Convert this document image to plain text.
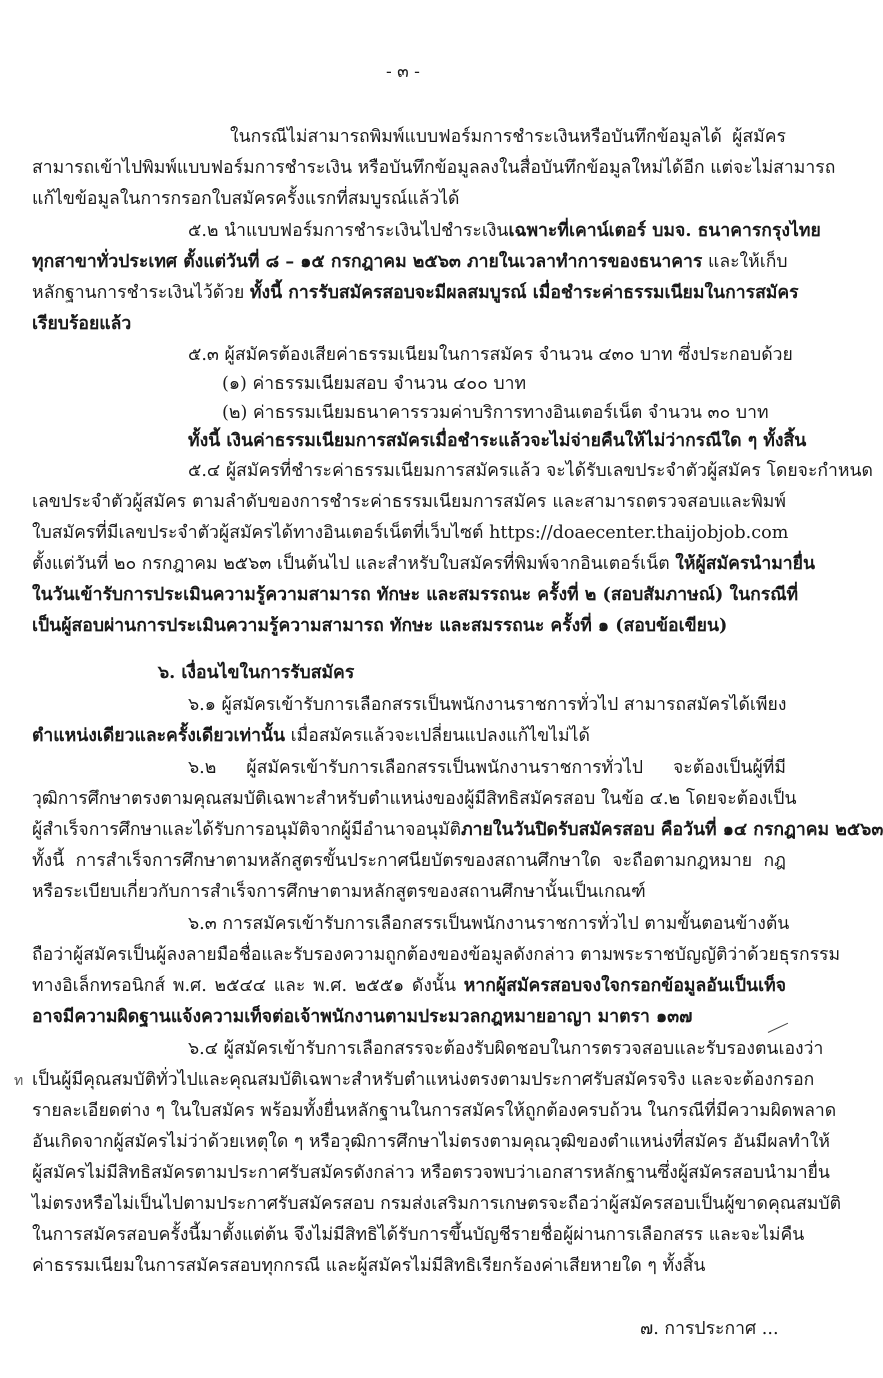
- ๓ -
ในกรณีไม่สามารถพิมพ์แบบฟอร์มการชำระเงินหรือบันทึกข้อมูลได้ ผู้สมัคร
สามารถเข้าไปพิมพ์แบบฟอร์มการชำระเงิน หรือบันทึกข้อมูลลงในสื่อบันทึกข้อมูลใหม่ได้อีก แต่จะไม่สามารถ
แก้ไขข้อมูลในการกรอกใบสมัครครั้งแรกที่สมบูรณ์แล้วได้
๕.๒ นำแบบฟอร์มการชำระเงินไปชำระเงินเฉพาะที่เคาน์เตอร์ บมจ. ธนาคารกรุงไทย
ทุกสาขาทั่วประเทศ ตั้งแต่วันที่ ๘ – ๑๕ กรกฎาคม ๒๕๖๓ ภายในเวลาทำการของธนาคาร และให้เก็บ
หลักฐานการชำระเงินไว้ด้วย ทั้งนี้ การรับสมัครสอบจะมีผลสมบูรณ์ เมื่อชำระค่าธรรมเนียมในการสมัคร
เรียบร้อยแล้ว
๕.๓ ผู้สมัครต้องเสียค่าธรรมเนียมในการสมัคร จำนวน ๔๓๐ บาท ซึ่งประกอบด้วย
(๑) ค่าธรรมเนียมสอบ จำนวน ๔๐๐ บาท
(๒) ค่าธรรมเนียมธนาคารรวมค่าบริการทางอินเตอร์เน็ต จำนวน ๓๐ บาท
ทั้งนี้ เงินค่าธรรมเนียมการสมัครเมื่อชำระแล้วจะไม่จ่ายคืนให้ไม่ว่ากรณีใด ๆ ทั้งสิ้น
๕.๔ ผู้สมัครที่ชำระค่าธรรมเนียมการสมัครแล้ว จะได้รับเลขประจำตัวผู้สมัคร โดยจะกำหนด
เลขประจำตัวผู้สมัคร ตามลำดับของการชำระค่าธรรมเนียมการสมัคร และสามารถตรวจสอบและพิมพ์
ใบสมัครที่มีเลขประจำตัวผู้สมัครได้ทางอินเตอร์เน็ตที่เว็บไซต์ https://doaecenter.thaijobjob.com
ตั้งแต่วันที่ ๒๐ กรกฎาคม ๒๕๖๓ เป็นต้นไป และสำหรับใบสมัครที่พิมพ์จากอินเตอร์เน็ต ให้ผู้สมัครนำมายื่น
ในวันเข้ารับการประเมินความรู้ความสามารถ ทักษะ และสมรรถนะ ครั้งที่ ๒ (สอบสัมภาษณ์) ในกรณีที่
เป็นผู้สอบผ่านการประเมินความรู้ความสามารถ ทักษะ และสมรรถนะ ครั้งที่ ๑ (สอบข้อเขียน)
๖. เงื่อนไขในการรับสมัคร
๖.๑ ผู้สมัครเข้ารับการเลือกสรรเป็นพนักงานราชการทั่วไป สามารถสมัครได้เพียง
ตำแหน่งเดียวและครั้งเดียวเท่านั้น เมื่อสมัครแล้วจะเปลี่ยนแปลงแก้ไขไม่ได้
๖.๒ ผู้สมัครเข้ารับการเลือกสรรเป็นพนักงานราชการทั่วไป จะต้องเป็นผู้ที่มี
วุฒิการศึกษาตรงตามคุณสมบัติเฉพาะสำหรับตำแหน่งของผู้มีสิทธิสมัครสอบ ในข้อ ๔.๒ โดยจะต้องเป็น
ผู้สำเร็จการศึกษาและได้รับการอนุมัติจากผู้มีอำนาจอนุมัติภายในวันปิดรับสมัครสอบ คือวันที่ ๑๔ กรกฎาคม ๒๕๖๓
ทั้งนี้ การสำเร็จการศึกษาตามหลักสูตรขั้นประกาศนียบัตรของสถานศึกษาใด จะถือตามกฎหมาย กฎ
หรือระเบียบเกี่ยวกับการสำเร็จการศึกษาตามหลักสูตรของสถานศึกษานั้นเป็นเกณฑ์
๖.๓ การสมัครเข้ารับการเลือกสรรเป็นพนักงานราชการทั่วไป ตามขั้นตอนข้างต้น
ถือว่าผู้สมัครเป็นผู้ลงลายมือชื่อและรับรองความถูกต้องของข้อมูลดังกล่าว ตามพระราชบัญญัติว่าด้วยธุรกรรม
ทางอิเล็กทรอนิกส์ พ.ศ. ๒๕๔๔ และ พ.ศ. ๒๕๕๑ ดังนั้น หากผู้สมัครสอบจงใจกรอกข้อมูลอันเป็นเท็จ
อาจมีความผิดฐานแจ้งความเท็จต่อเจ้าพนักงานตามประมวลกฎหมายอาญา มาตรา ๑๓๗
๖.๔ ผู้สมัครเข้ารับการเลือกสรรจะต้องรับผิดชอบในการตรวจสอบและรับรองตนเองว่า
ท เป็นผู้มีคุณสมบัติทั่วไปและคุณสมบัติเฉพาะสำหรับตำแหน่งตรงตามประกาศรับสมัครจริง และจะต้องกรอก
รายละเอียดต่าง ๆ ในใบสมัคร พร้อมทั้งยื่นหลักฐานในการสมัครให้ถูกต้องครบถ้วน ในกรณีที่มีความผิดพลาด
อันเกิดจากผู้สมัครไม่ว่าด้วยเหตุใด ๆ หรือวุฒิการศึกษาไม่ตรงตามคุณวุฒิของตำแหน่งที่สมัคร อันมีผลทำให้
ผู้สมัครไม่มีสิทธิสมัครตามประกาศรับสมัครดังกล่าว หรือตรวจพบว่าเอกสารหลักฐานซึ่งผู้สมัครสอบนำมายื่น
ไม่ตรงหรือไม่เป็นไปตามประกาศรับสมัครสอบ กรมส่งเสริมการเกษตรจะถือว่าผู้สมัครสอบเป็นผู้ขาดคุณสมบัติ
ในการสมัครสอบครั้งนี้มาตั้งแต่ต้น จึงไม่มีสิทธิได้รับการขึ้นบัญชีรายชื่อผู้ผ่านการเลือกสรร และจะไม่คืน
ค่าธรรมเนียมในการสมัครสอบทุกกรณี และผู้สมัครไม่มีสิทธิเรียกร้องค่าเสียหายใด ๆ ทั้งสิ้น
๗. การประกาศ ...
